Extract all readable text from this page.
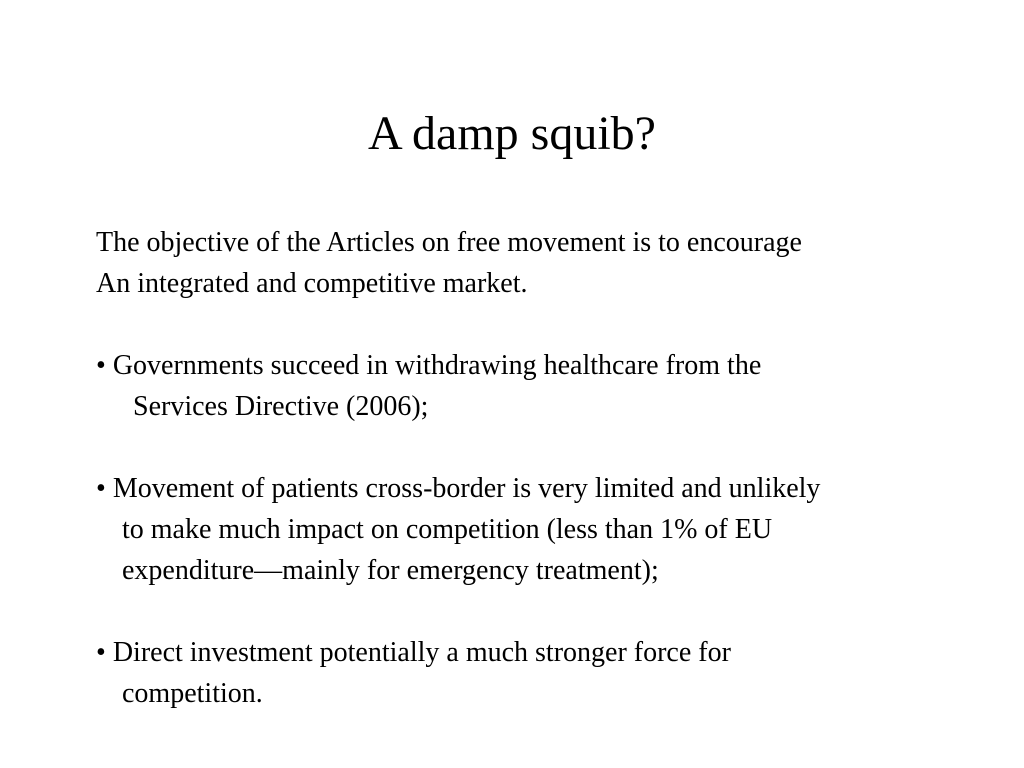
A damp squib?
The objective of the Articles on free movement is to encourage
An integrated and competitive market.
• Governments succeed in withdrawing healthcare from the
Services Directive (2006);
• Movement of patients cross-border is very limited and unlikely
to make much impact on competition (less than 1% of EU
expenditure—mainly for emergency treatment);
• Direct investment potentially a much stronger force for
competition.
